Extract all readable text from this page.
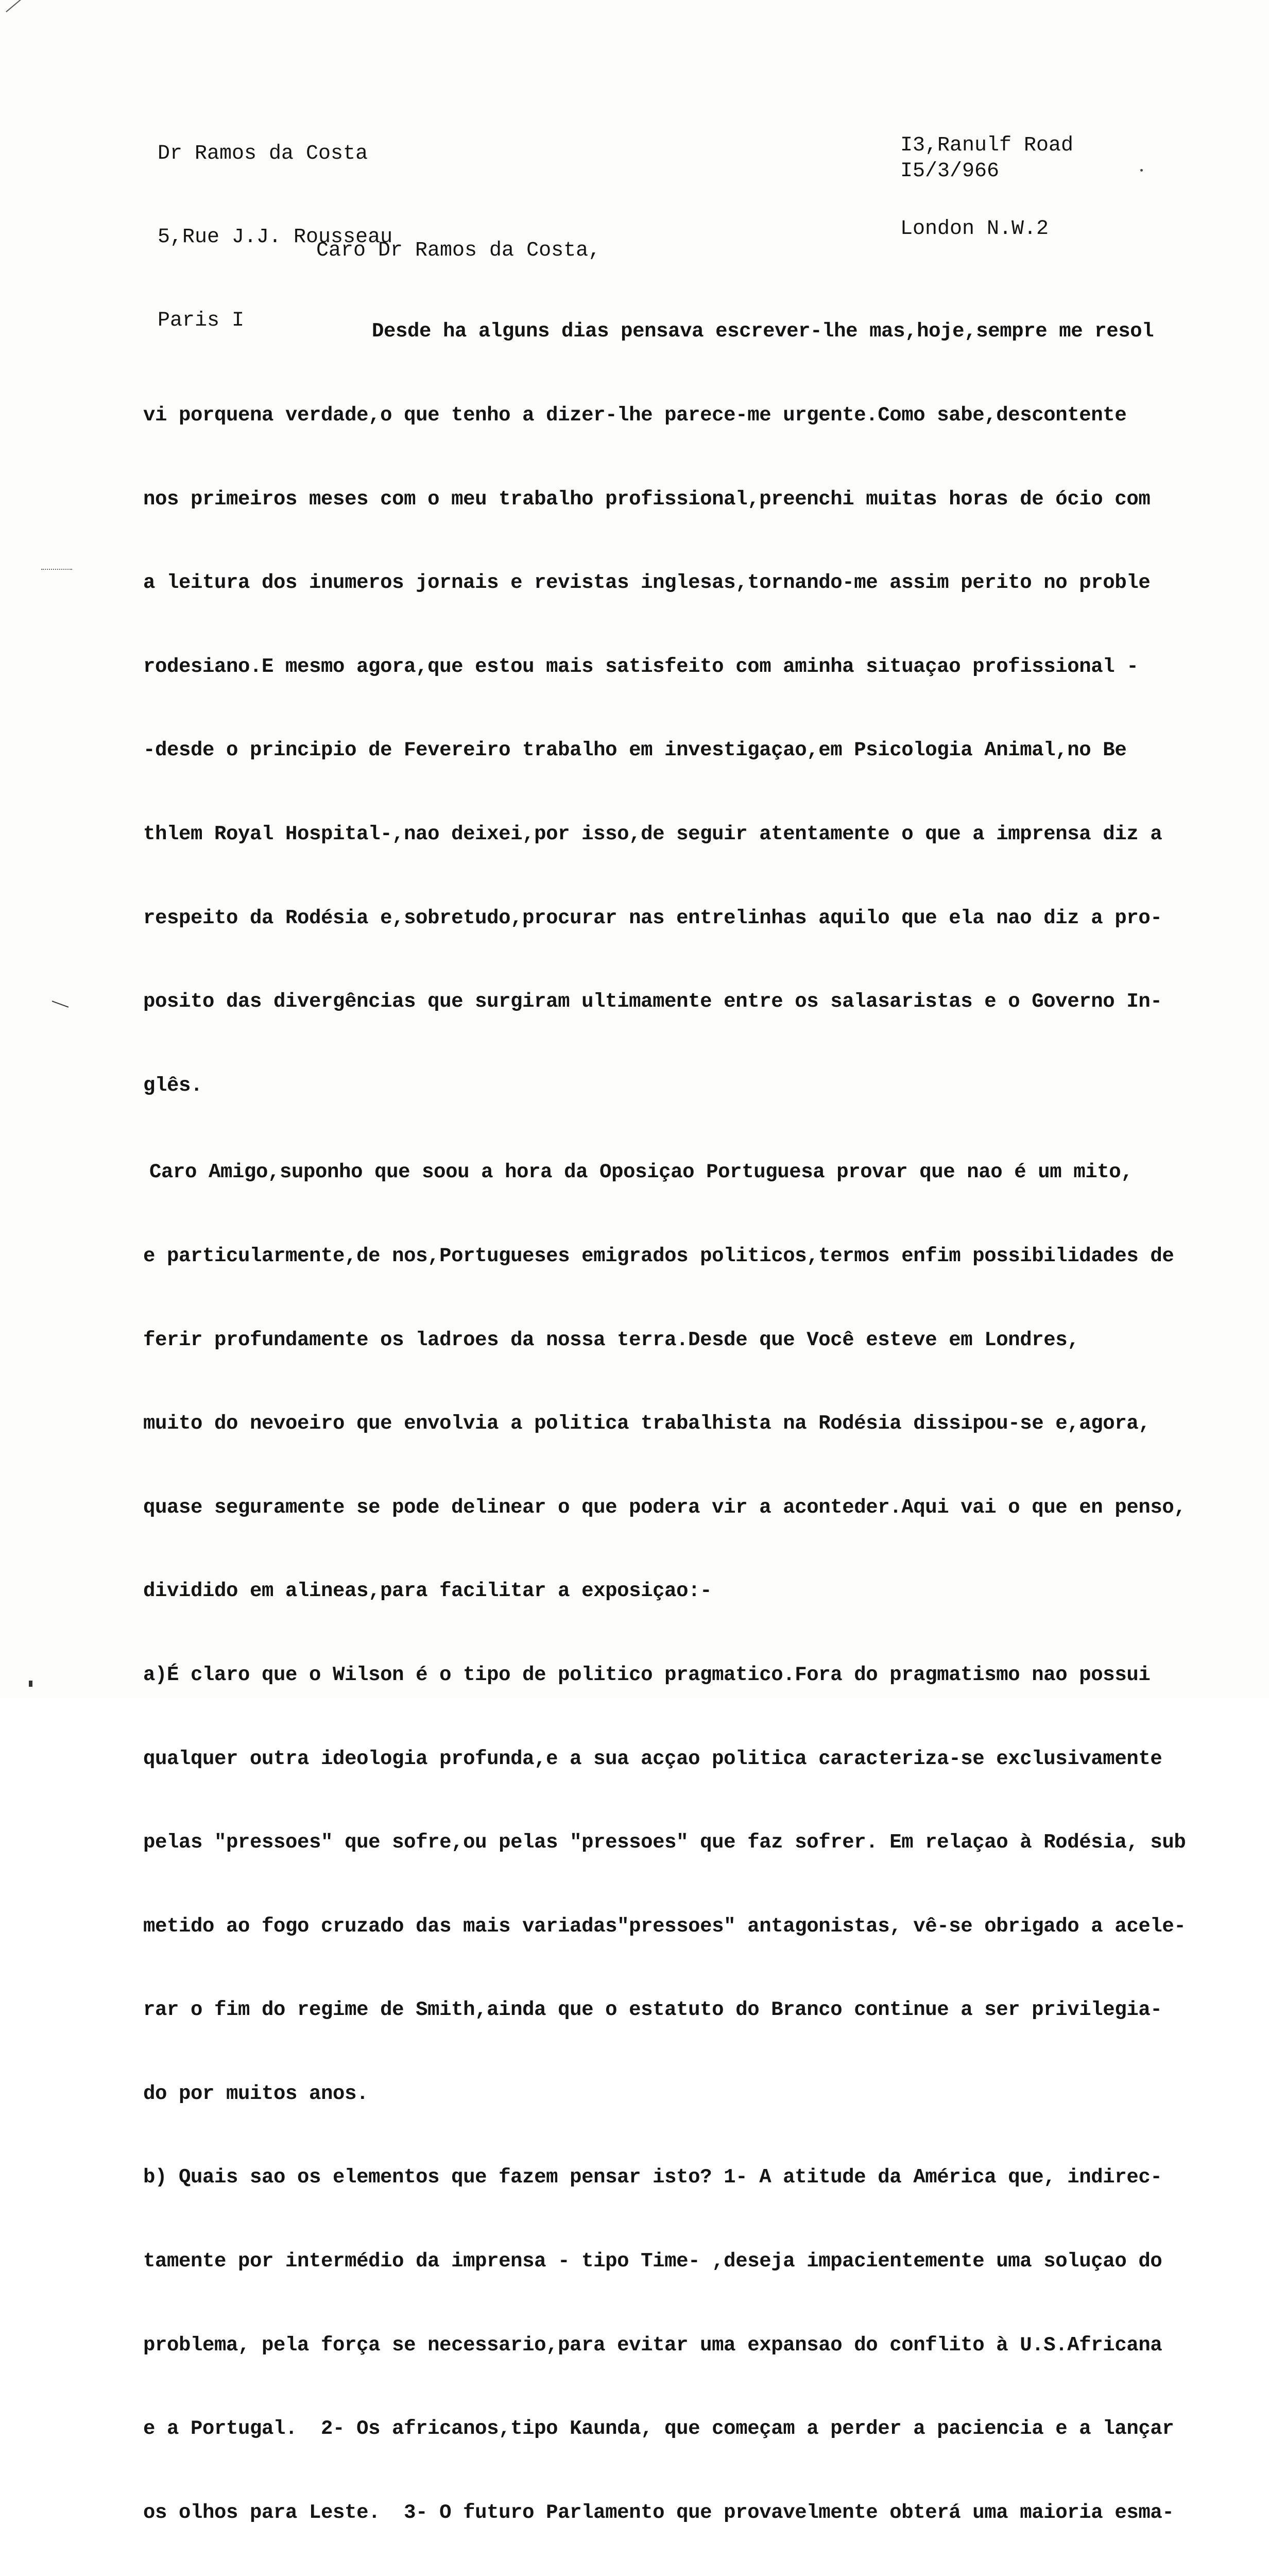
Dr Ramos da Costa

5,Rue J.J. Rousseau

Paris I

I3,Ranulf Road

London N.W.2

I5/3/966
Caro Dr Ramos da Costa,

Desde ha alguns dias pensava escrever-lhe mas,hoje,sempre me resol

vi porquena verdade,o que tenho a dizer-lhe parece-me urgente.Como sabe,descontente

nos primeiros meses com o meu trabalho profissional,preenchi muitas horas de ócio com

a leitura dos inumeros jornais e revistas inglesas,tornando-me assim perito no proble

rodesiano.E mesmo agora,que estou mais satisfeito com aminha situaçao profissional -

-desde o principio de Fevereiro trabalho em investigaçao,em Psicologia Animal,no Be

thlem Royal Hospital-,nao deixei,por isso,de seguir atentamente o que a imprensa diz a

respeito da Rodésia e,sobretudo,procurar nas entrelinhas aquilo que ela nao diz a pro-

posito das divergências que surgiram ultimamente entre os salasaristas e o Governo In-

glês.

Caro Amigo,suponho que soou a hora da Oposiçao Portuguesa provar que nao é um mito,

e particularmente,de nos,Portugueses emigrados politicos,termos enfim possibilidades de

ferir profundamente os ladroes da nossa terra.Desde que Você esteve em Londres,

muito do nevoeiro que envolvia a politica trabalhista na Rodésia dissipou-se e,agora,

quase seguramente se pode delinear o que podera vir a aconteder.Aqui vai o que en penso,

dividido em alineas,para facilitar a exposiçao:-

a)É claro que o Wilson é o tipo de politico pragmatico.Fora do pragmatismo nao possui

qualquer outra ideologia profunda,e a sua acçao politica caracteriza-se exclusivamente

pelas "pressoes" que sofre,ou pelas "pressoes" que faz sofrer. Em relaçao à Rodésia, sub

metido ao fogo cruzado das mais variadas"pressoes" antagonistas, vê-se obrigado a acele-

rar o fim do regime de Smith,ainda que o estatuto do Branco continue a ser privilegia-

do por muitos anos.

b) Quais sao os elementos que fazem pensar isto? 1- A atitude da América que, indirec-

tamente por intermédio da imprensa - tipo Time- ,deseja impacientemente uma soluçao do

problema, pela força se necessario,para evitar uma expansao do conflito à U.S.Africana

e a Portugal.  2- Os africanos,tipo Kaunda, que começam a perder a paciencia e a lançar

os olhos para Leste.  3- O futuro Parlamento que provavelmente obterá uma maioria esma-
